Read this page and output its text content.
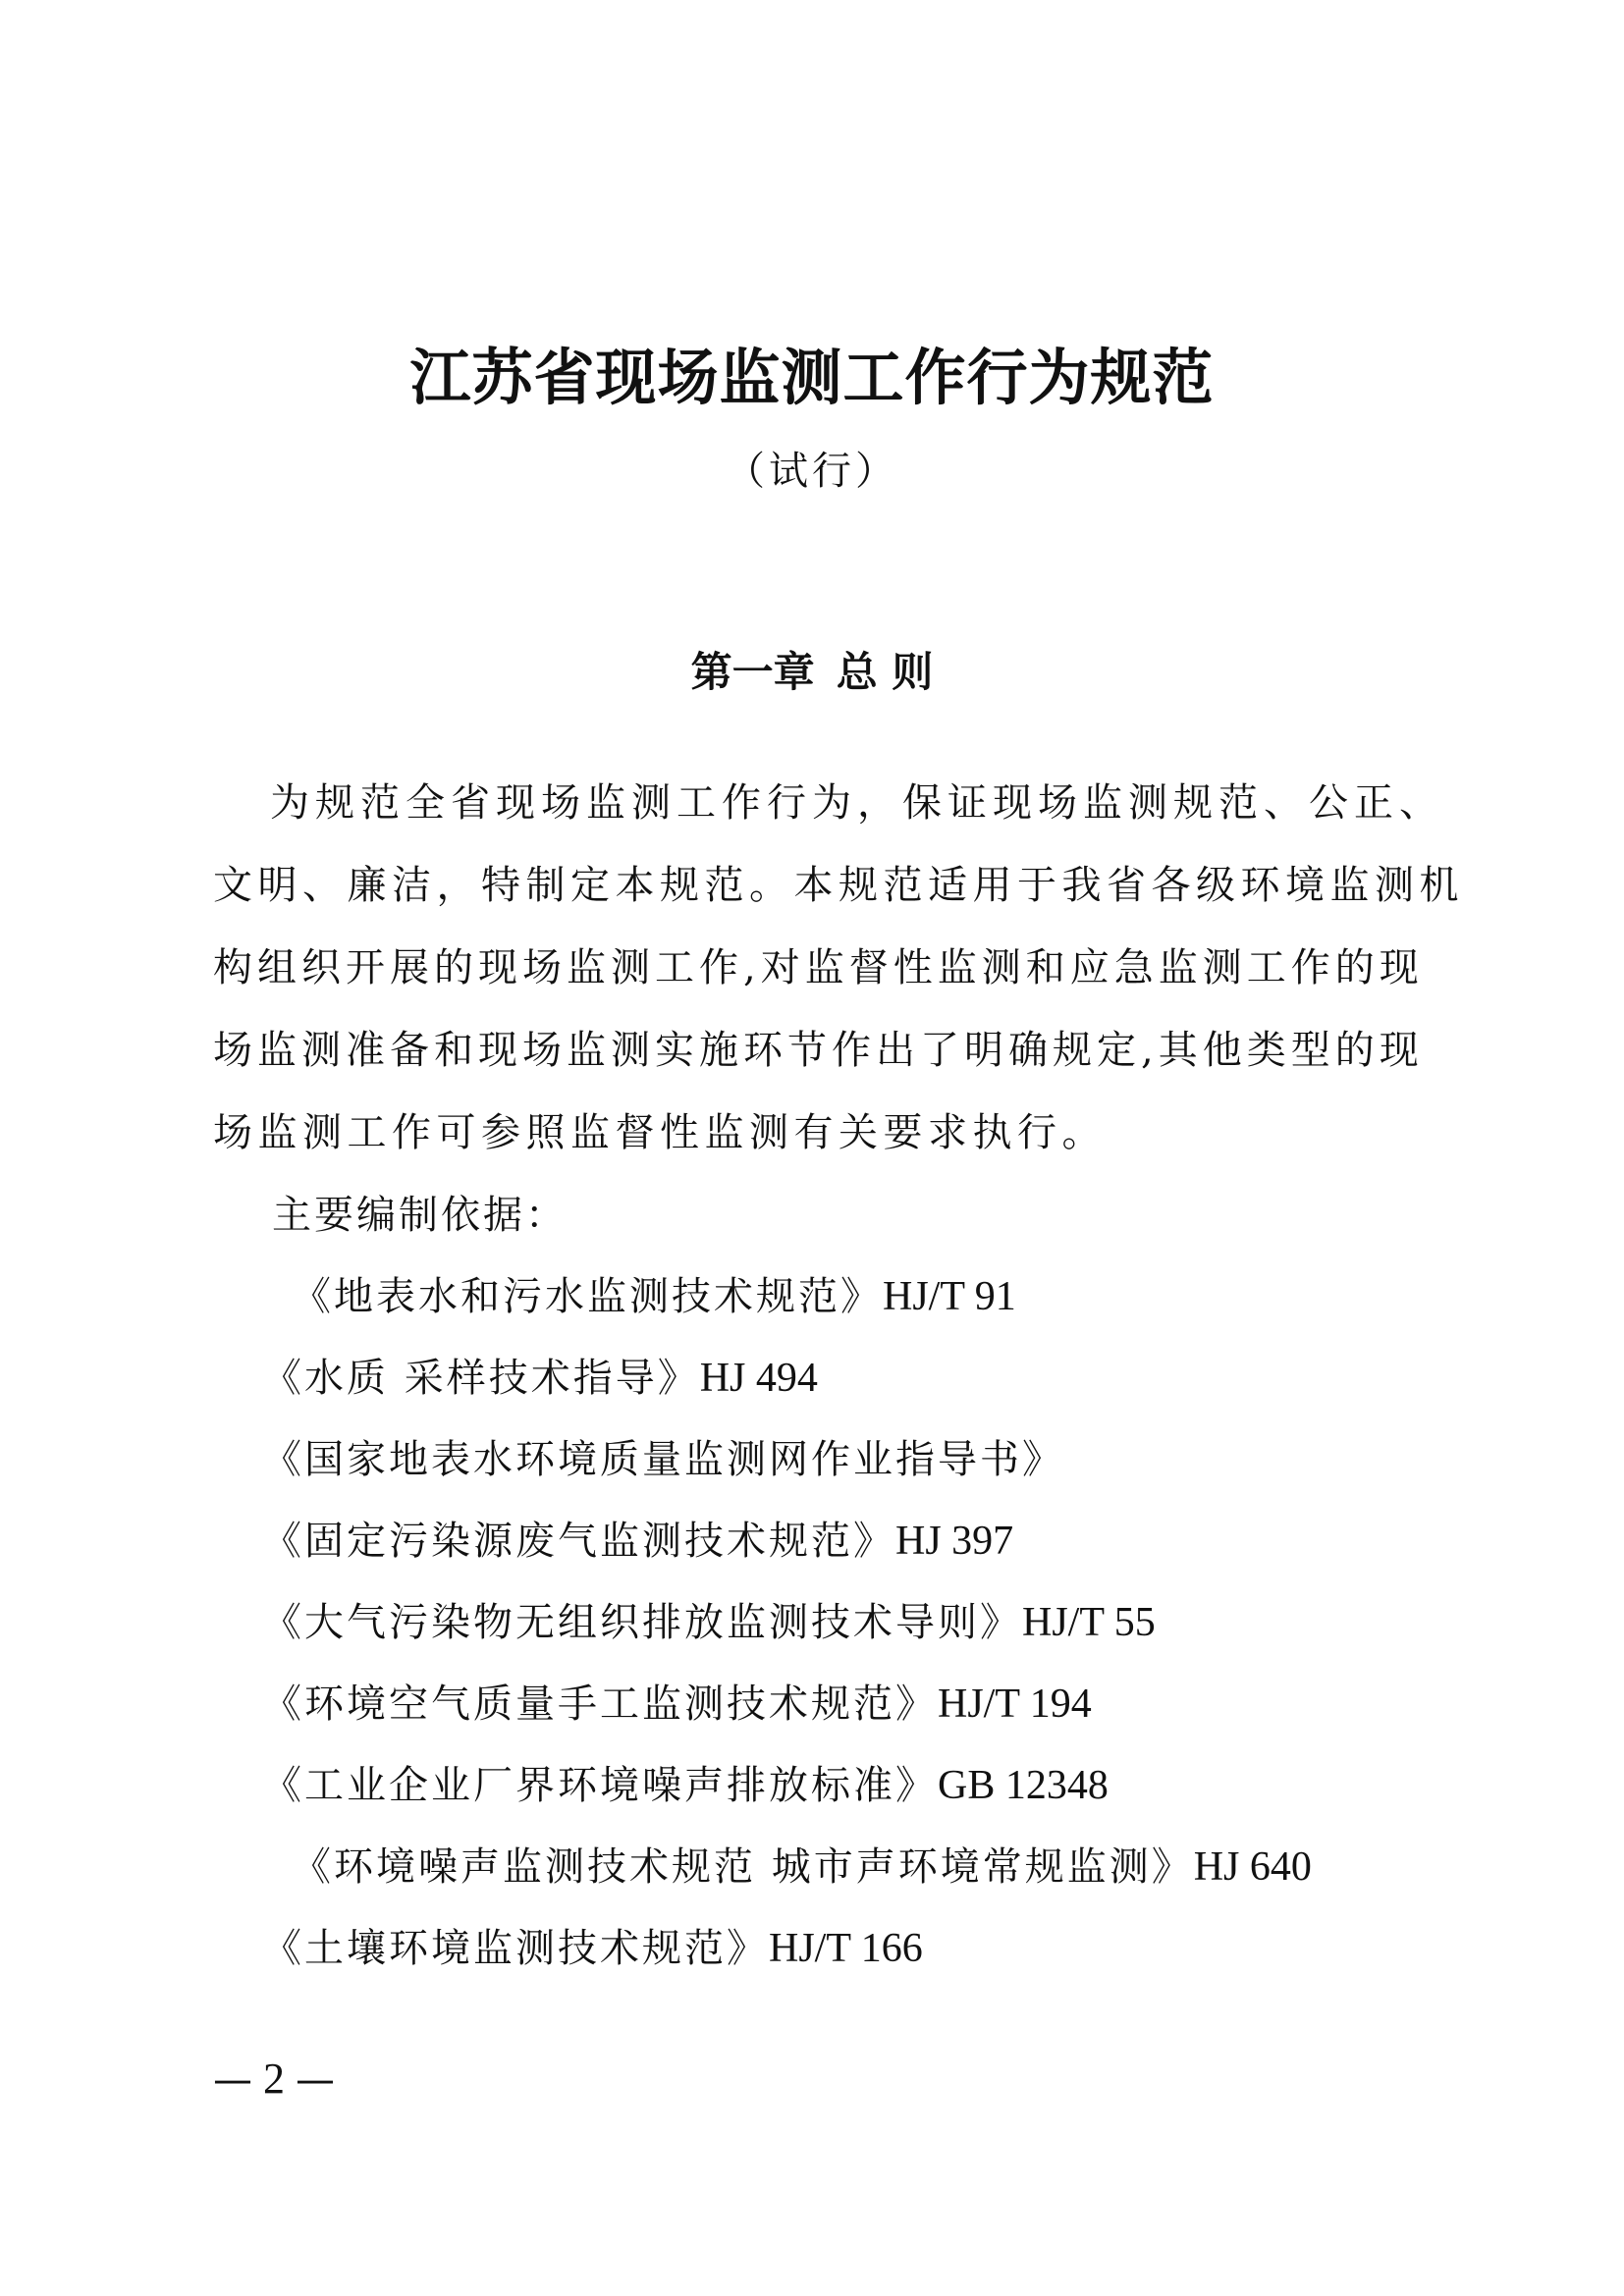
江苏省现场监测工作行为规范
（试行）
第一章 总 则
为规范全省现场监测工作行为，保证现场监测规范、公正、
文明、廉洁，特制定本规范。本规范适用于我省各级环境监测机
构组织开展的现场监测工作,对监督性监测和应急监测工作的现
场监测准备和现场监测实施环节作出了明确规定,其他类型的现
场监测工作可参照监督性监测有关要求执行。
主要编制依据：
《地表水和污水监测技术规范》HJ/T 91
《水质 采样技术指导》HJ 494
《国家地表水环境质量监测网作业指导书》
《固定污染源废气监测技术规范》HJ 397
《大气污染物无组织排放监测技术导则》HJ/T 55
《环境空气质量手工监测技术规范》HJ/T 194
《工业企业厂界环境噪声排放标准》GB 12348
《环境噪声监测技术规范 城市声环境常规监测》HJ 640
《土壤环境监测技术规范》HJ/T 166
— 2 —
